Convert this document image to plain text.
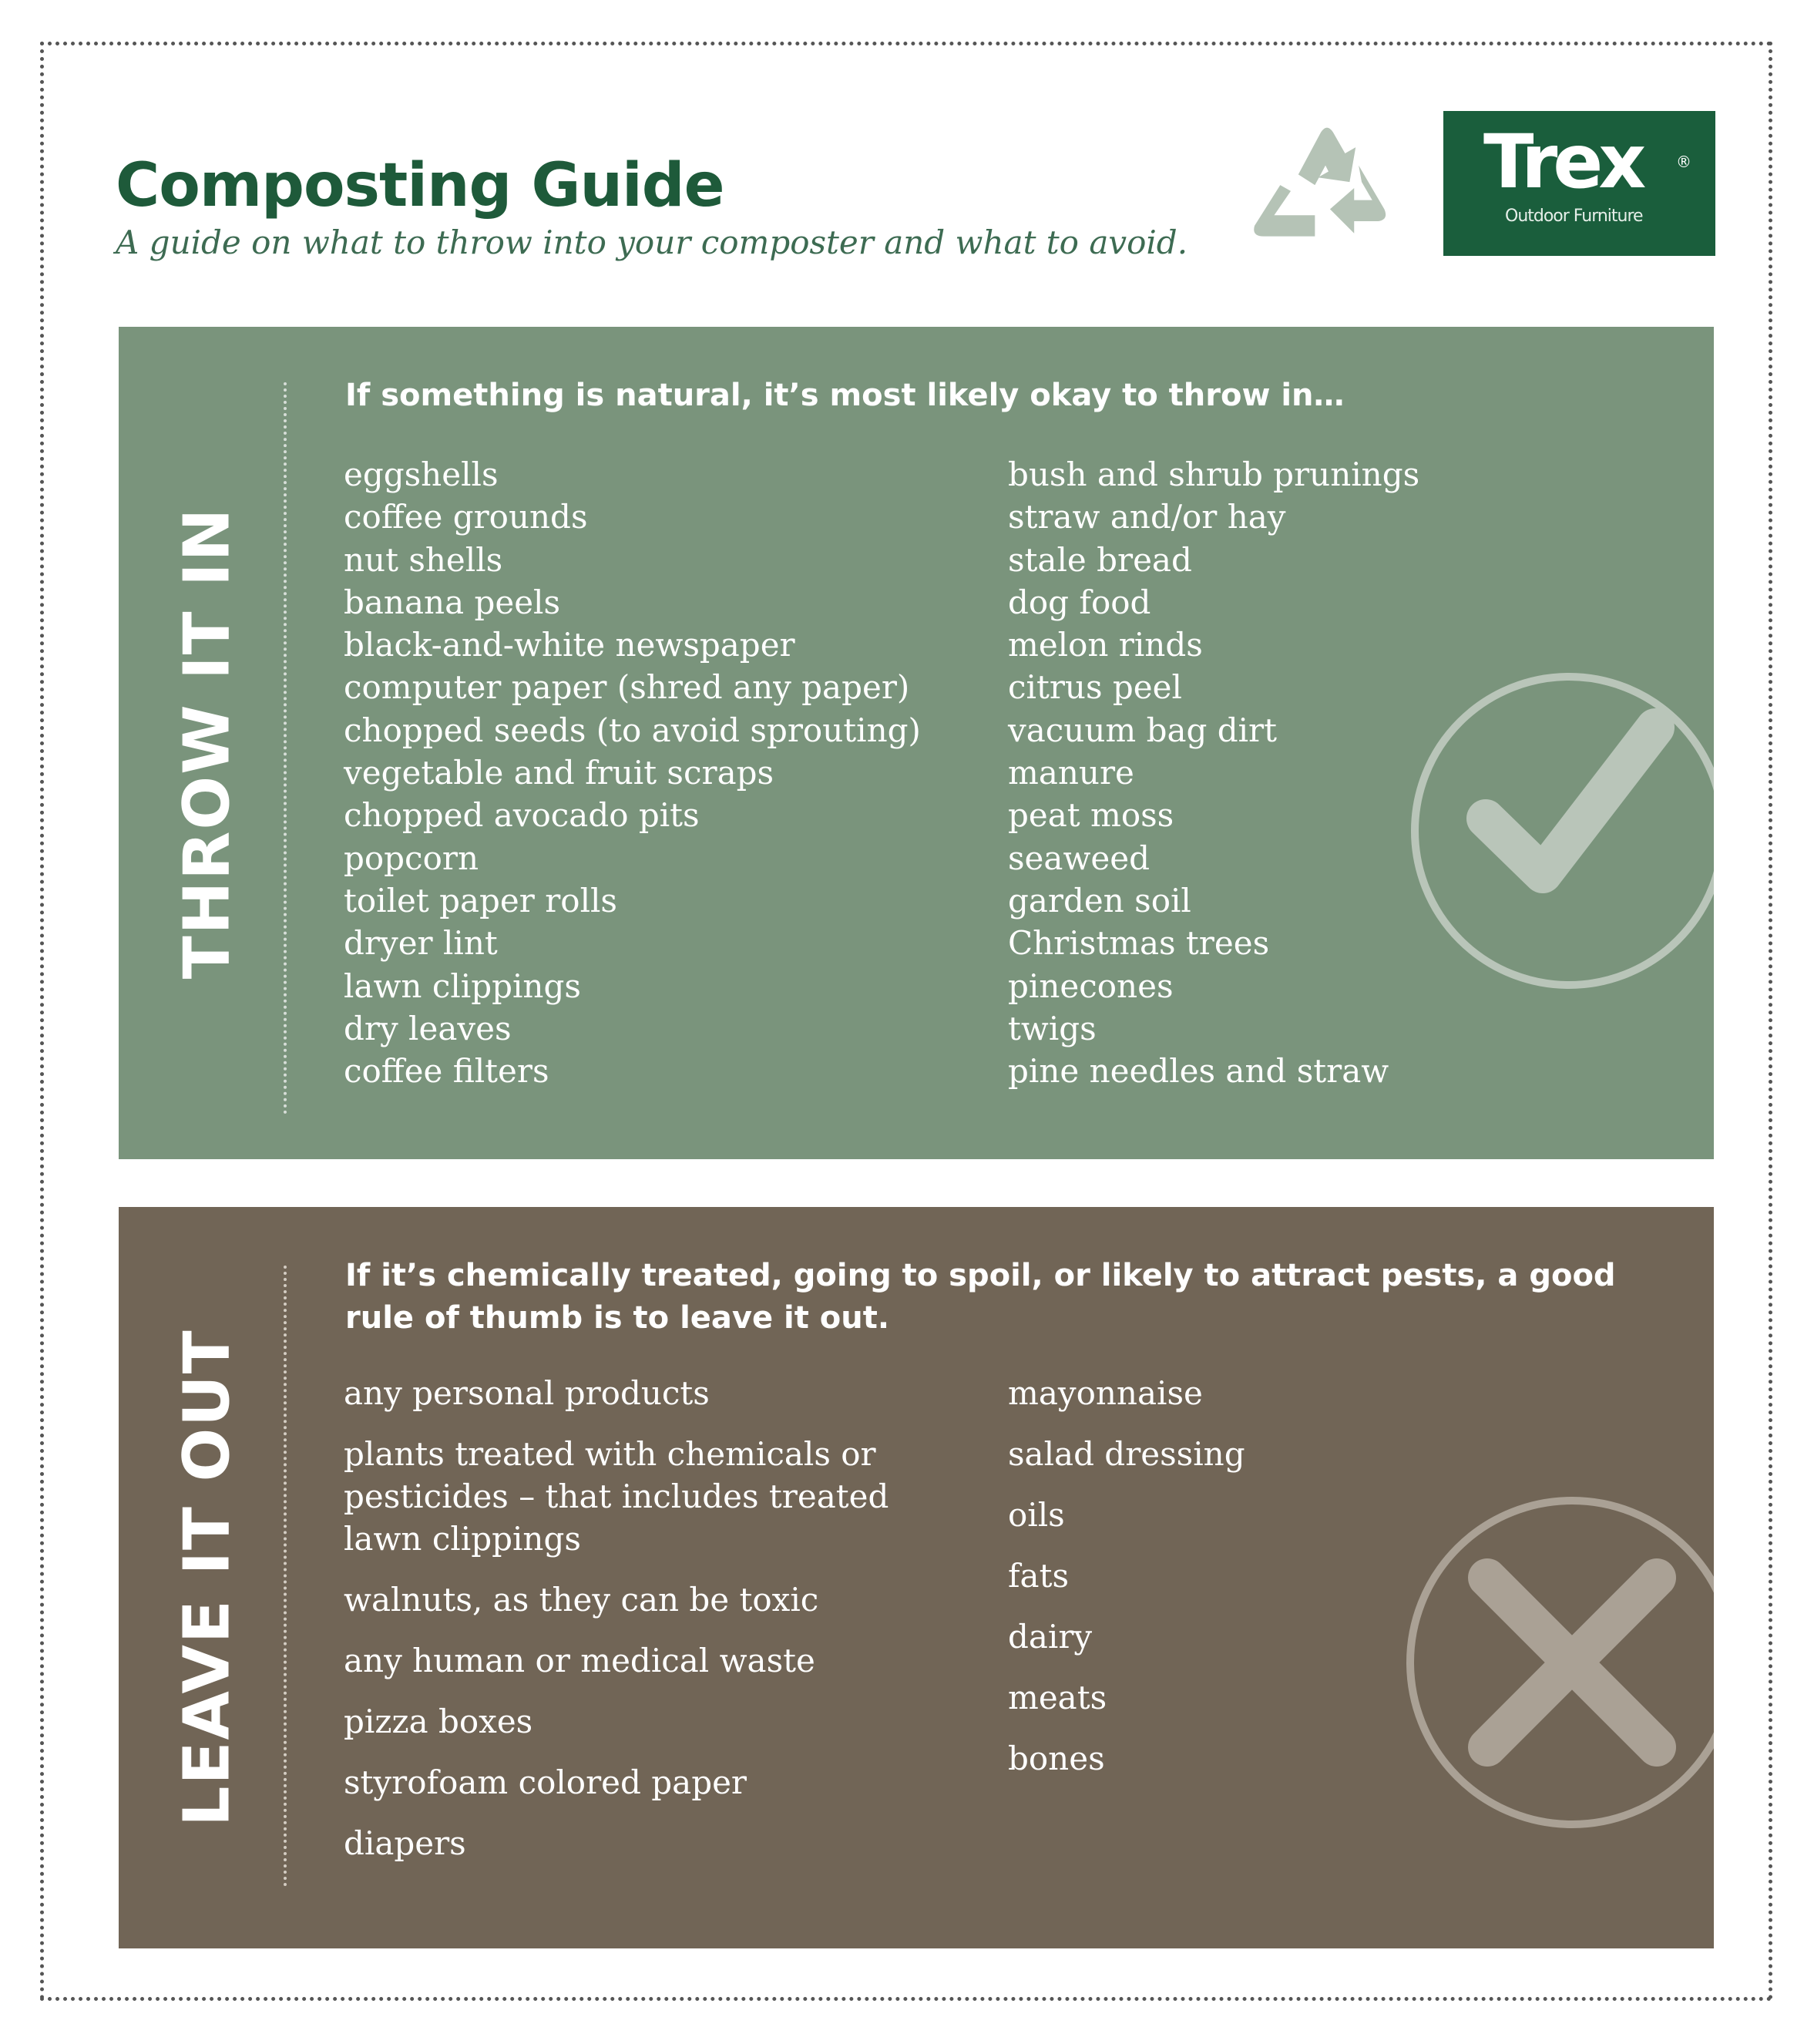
Composting Guide

A guide on what to throw into your composter and what to avoid.

Trex ®
Outdoor Furniture
THROW IT IN
If something is natural, it’s most likely okay to throw in…
eggshells
coffee grounds
nut shells
banana peels
black-and-white newspaper
computer paper (shred any paper)
chopped seeds (to avoid sprouting)
vegetable and fruit scraps
chopped avocado pits
popcorn
toilet paper rolls
dryer lint
lawn clippings
dry leaves
coffee filters
bush and shrub prunings
straw and/or hay
stale bread
dog food
melon rinds
citrus peel
vacuum bag dirt
manure
peat moss
seaweed
garden soil
Christmas trees
pinecones
twigs
pine needles and straw
LEAVE IT OUT
If it’s chemically treated, going to spoil, or likely to attract pests, a good rule of thumb is to leave it out.
any personal products
plants treated with chemicals or pesticides – that includes treated lawn clippings
walnuts, as they can be toxic
any human or medical waste
pizza boxes
styrofoam colored paper
diapers
mayonnaise
salad dressing
oils
fats
dairy
meats
bones
